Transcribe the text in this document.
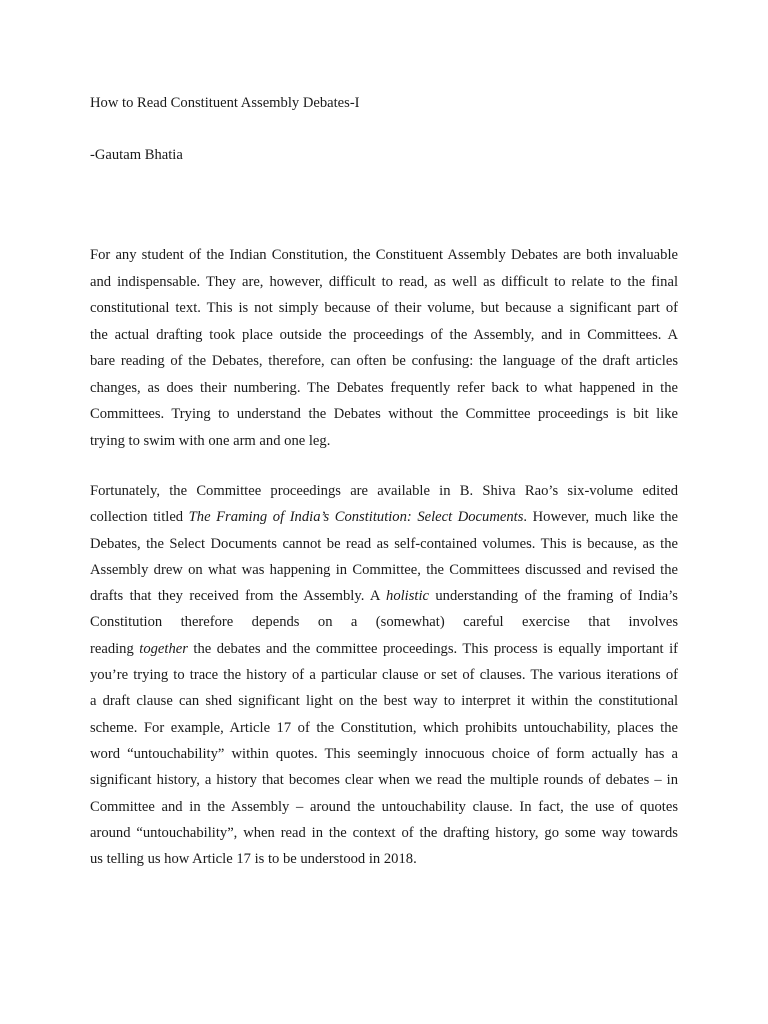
How to Read Constituent Assembly Debates-I

-Gautam Bhatia

For any student of the Indian Constitution, the Constituent Assembly Debates are both invaluable
and indispensable. They are, however, difficult to read, as well as difficult to relate to the final
constitutional text. This is not simply because of their volume, but because a significant part of
the actual drafting took place outside the proceedings of the Assembly, and in Committees. A
bare reading of the Debates, therefore, can often be confusing: the language of the draft articles
changes, as does their numbering. The Debates frequently refer back to what happened in the
Committees. Trying to understand the Debates without the Committee proceedings is bit like
trying to swim with one arm and one leg.
Fortunately, the Committee proceedings are available in B. Shiva Rao’s six-volume edited
collection titled The Framing of India’s Constitution: Select Documents. However, much like the
Debates, the Select Documents cannot be read as self-contained volumes. This is because, as the
Assembly drew on what was happening in Committee, the Committees discussed and revised the
drafts that they received from the Assembly. A holistic understanding of the framing of India’s
Constitution therefore depends on a (somewhat) careful exercise that involves
reading together the debates and the committee proceedings. This process is equally important if
you’re trying to trace the history of a particular clause or set of clauses. The various iterations of
a draft clause can shed significant light on the best way to interpret it within the constitutional
scheme. For example, Article 17 of the Constitution, which prohibits untouchability, places the
word “untouchability” within quotes. This seemingly innocuous choice of form actually has a
significant history, a history that becomes clear when we read the multiple rounds of debates – in
Committee and in the Assembly – around the untouchability clause. In fact, the use of quotes
around “untouchability”, when read in the context of the drafting history, go some way towards
us telling us how Article 17 is to be understood in 2018.
